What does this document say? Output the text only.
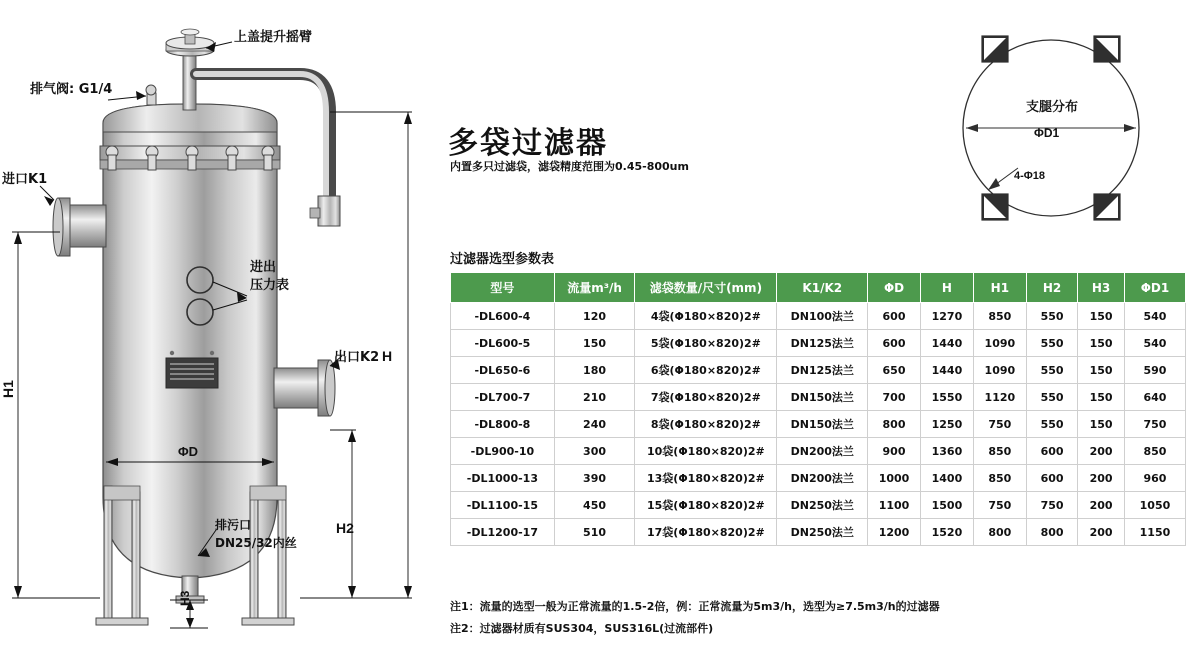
上盖提升摇臂
排气阀: G1/4
进口K1
出口K2
进出
压力表
排污口
DN25/32内丝
H
H1
H2
H3
ΦD
支腿分布
ΦD1
4-Φ18
多袋过滤器
内置多只过滤袋，滤袋精度范围为0.45-800um
过滤器选型参数表
型号	流量m³/h	滤袋数量/尺寸(mm)	K1/K2	ΦD	H	H1	H2	H3	ΦD1
-DL600-4	120	4袋(Φ180×820)2#	DN100法兰	600	1270	850	550	150	540
-DL600-5	150	5袋(Φ180×820)2#	DN125法兰	600	1440	1090	550	150	540
-DL650-6	180	6袋(Φ180×820)2#	DN125法兰	650	1440	1090	550	150	590
-DL700-7	210	7袋(Φ180×820)2#	DN150法兰	700	1550	1120	550	150	640
-DL800-8	240	8袋(Φ180×820)2#	DN150法兰	800	1250	750	550	150	750
-DL900-10	300	10袋(Φ180×820)2#	DN200法兰	900	1360	850	600	200	850
-DL1000-13	390	13袋(Φ180×820)2#	DN200法兰	1000	1400	850	600	200	960
-DL1100-15	450	15袋(Φ180×820)2#	DN250法兰	1100	1500	750	750	200	1050
-DL1200-17	510	17袋(Φ180×820)2#	DN250法兰	1200	1520	800	800	200	1150
注1：流量的选型一般为正常流量的1.5-2倍，例：正常流量为5m3/h，选型为≥7.5m3/h的过滤器
注2：过滤器材质有SUS304，SUS316L(过流部件)
